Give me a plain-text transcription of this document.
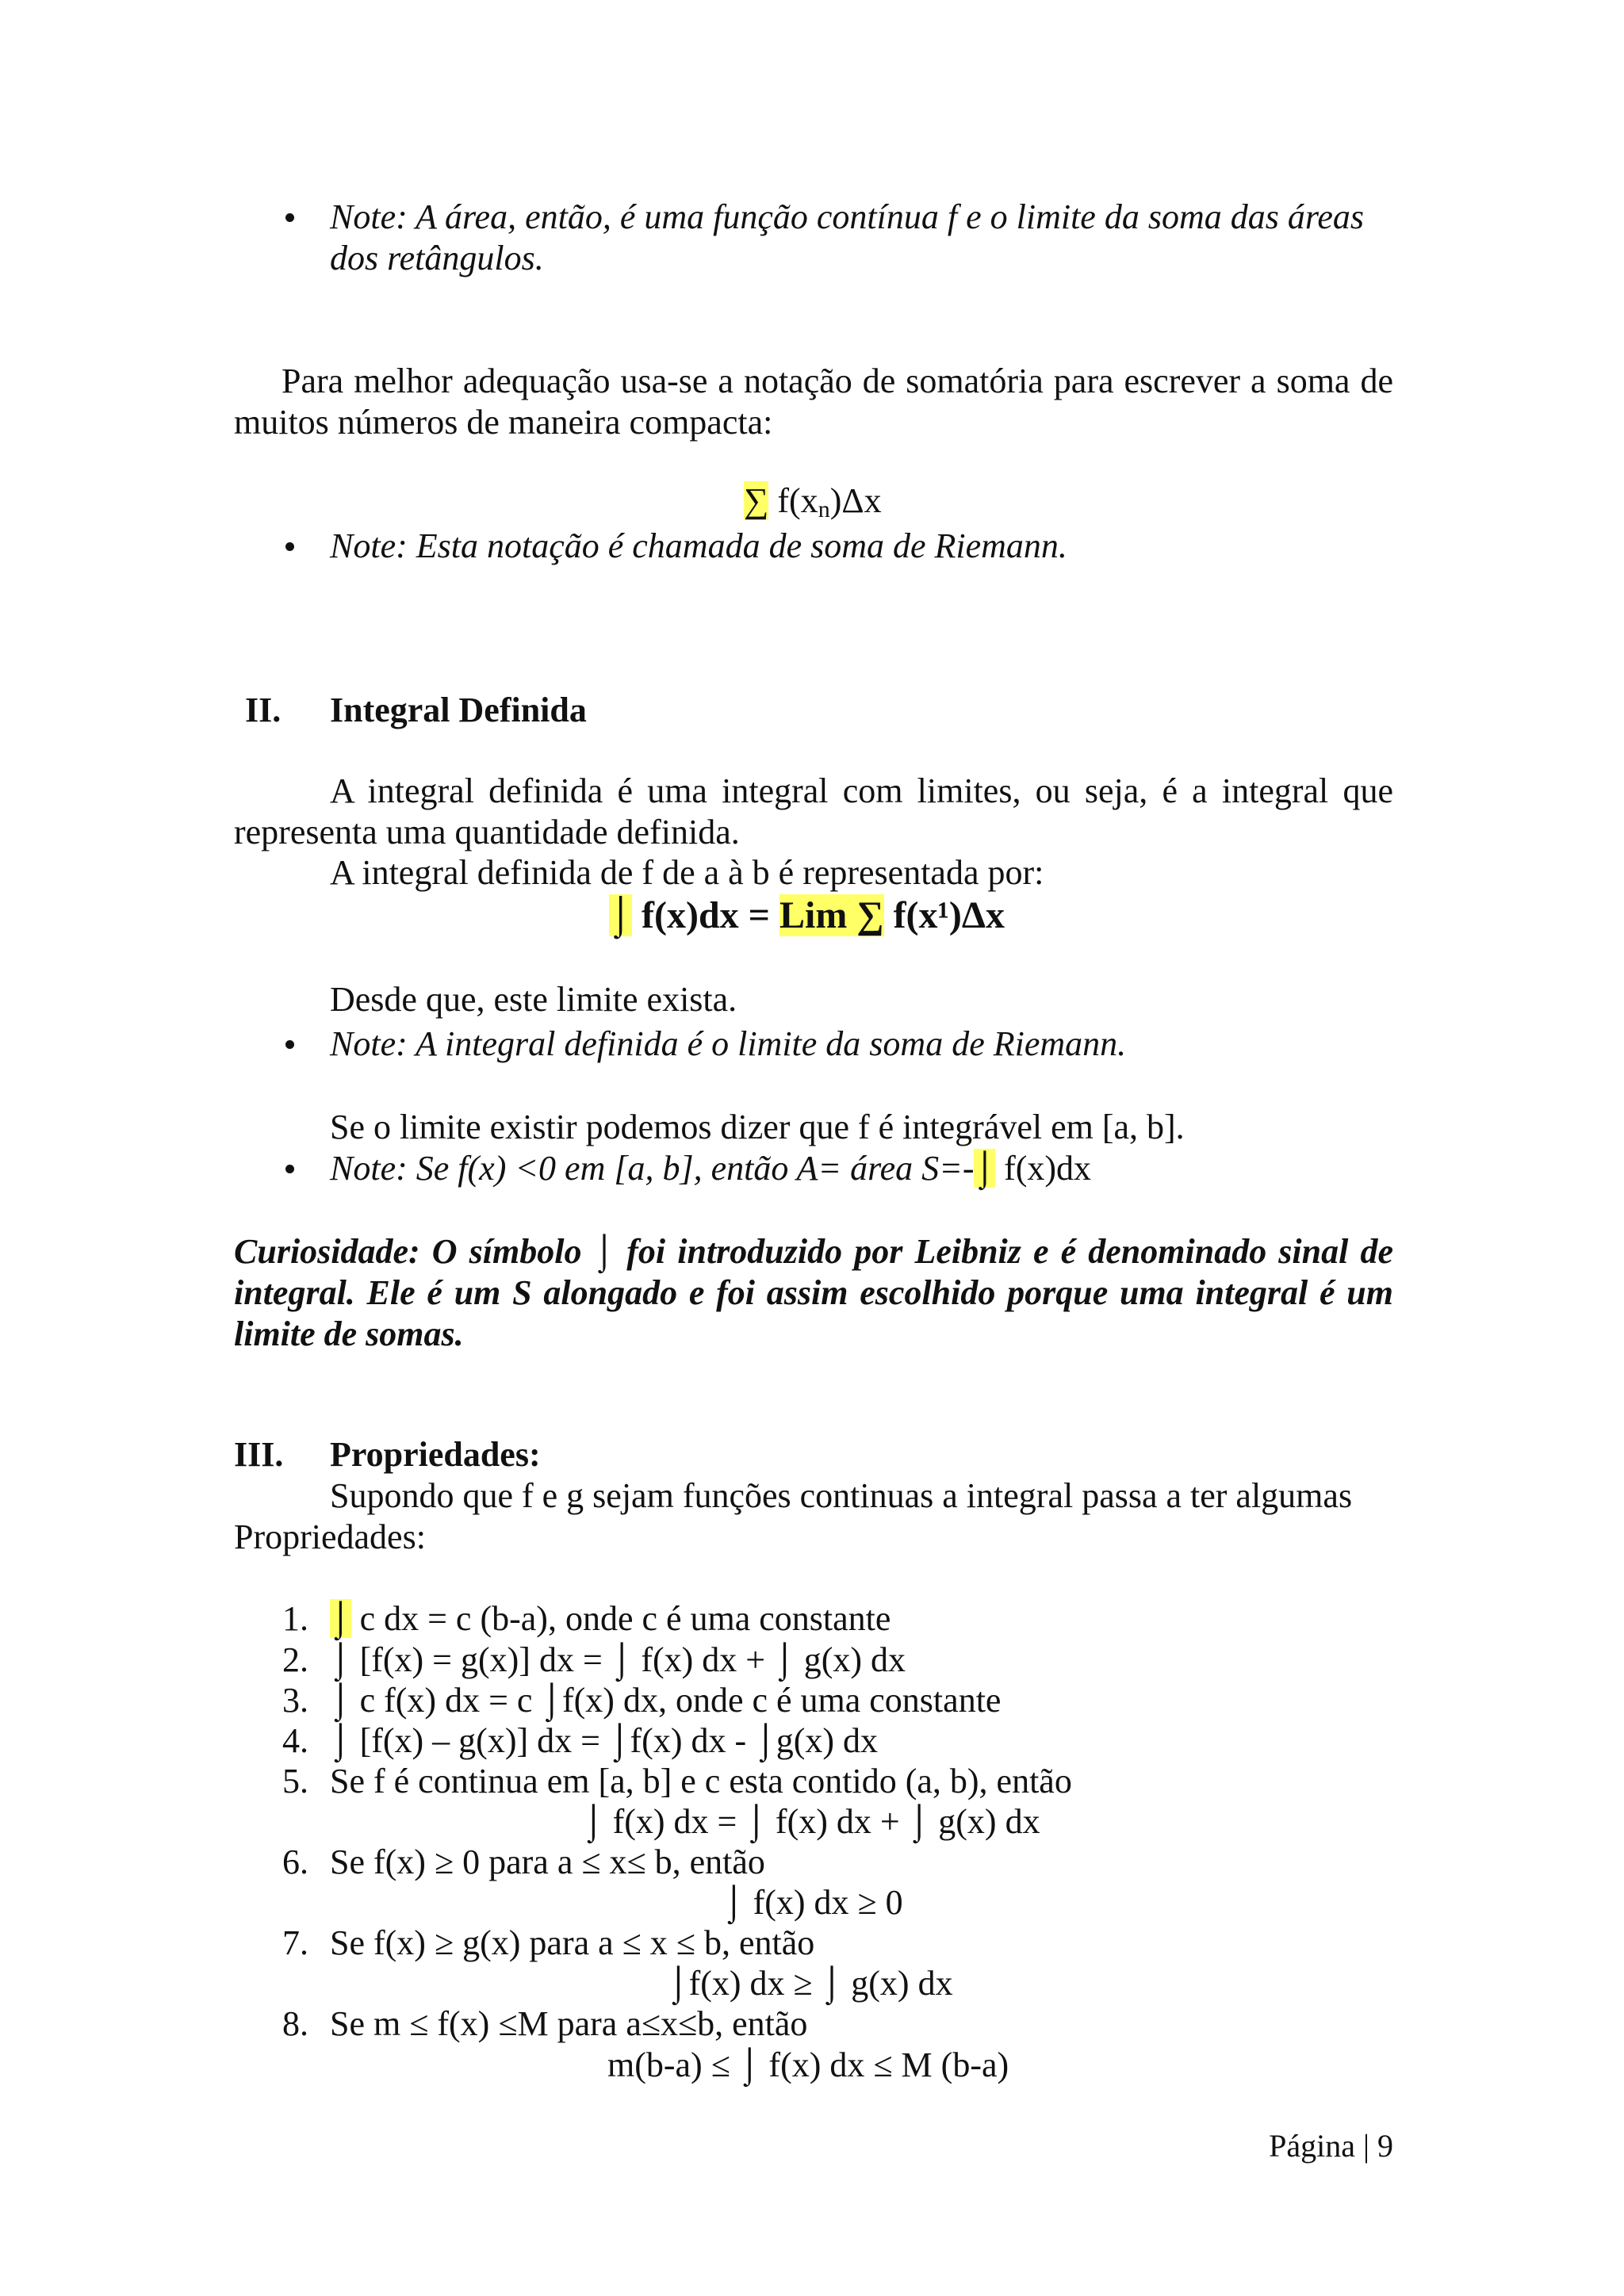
Note: A área, então, é uma função contínua f e o limite da soma das áreas dos retângulos.
Para melhor adequação usa-se a notação de somatória para escrever a soma de muitos números de maneira compacta:
∑ $f(x_n)\Delta x$
Note: Esta notação é chamada de soma de Riemann.
II. Integral Definida
A integral definida é uma integral com limites, ou seja, é a integral que representa uma quantidade definida.
A integral definida de f de a à b é representada por:
⌡ f(x)dx = Lim ∑ f(x¹)Δx
Desde que, este limite exista.
Note: A integral definida é o limite da soma de Riemann.
Se o limite existir podemos dizer que f é integrável em [a, b].
Note: Se f(x) <0 em [a, b], então A= área S=-⌡ f(x)dx
Curiosidade: O símbolo ⌡ foi introduzido por Leibniz e é denominado sinal de integral. Ele é um S alongado e foi assim escolhido porque uma integral é um limite de somas.
III. Propriedades:
Supondo que f e g sejam funções continuas a integral passa a ter algumas
Propriedades:
1. ⌡ c dx = c (b-a), onde c é uma constante
2. ⌡ [f(x) = g(x)] dx = ⌡ f(x) dx + ⌡ g(x) dx
3. ⌡ c f(x) dx = c ⌡f(x) dx, onde c é uma constante
4. ⌡ [f(x) – g(x)] dx = ⌡f(x) dx - ⌡g(x) dx
5. Se f é continua em [a, b] e c esta contido (a, b), então
⌡ f(x) dx = ⌡ f(x) dx + ⌡ g(x) dx
6. Se f(x) ≥ 0 para a ≤ x≤ b, então
⌡ f(x) dx ≥ 0
7. Se f(x) ≥ g(x) para a ≤ x ≤ b, então
⌡f(x) dx ≥ ⌡ g(x) dx
8. Se m ≤ f(x) ≤M para a≤x≤b, então
m(b-a) ≤ ⌡ f(x) dx ≤ M (b-a)
Página | 9
